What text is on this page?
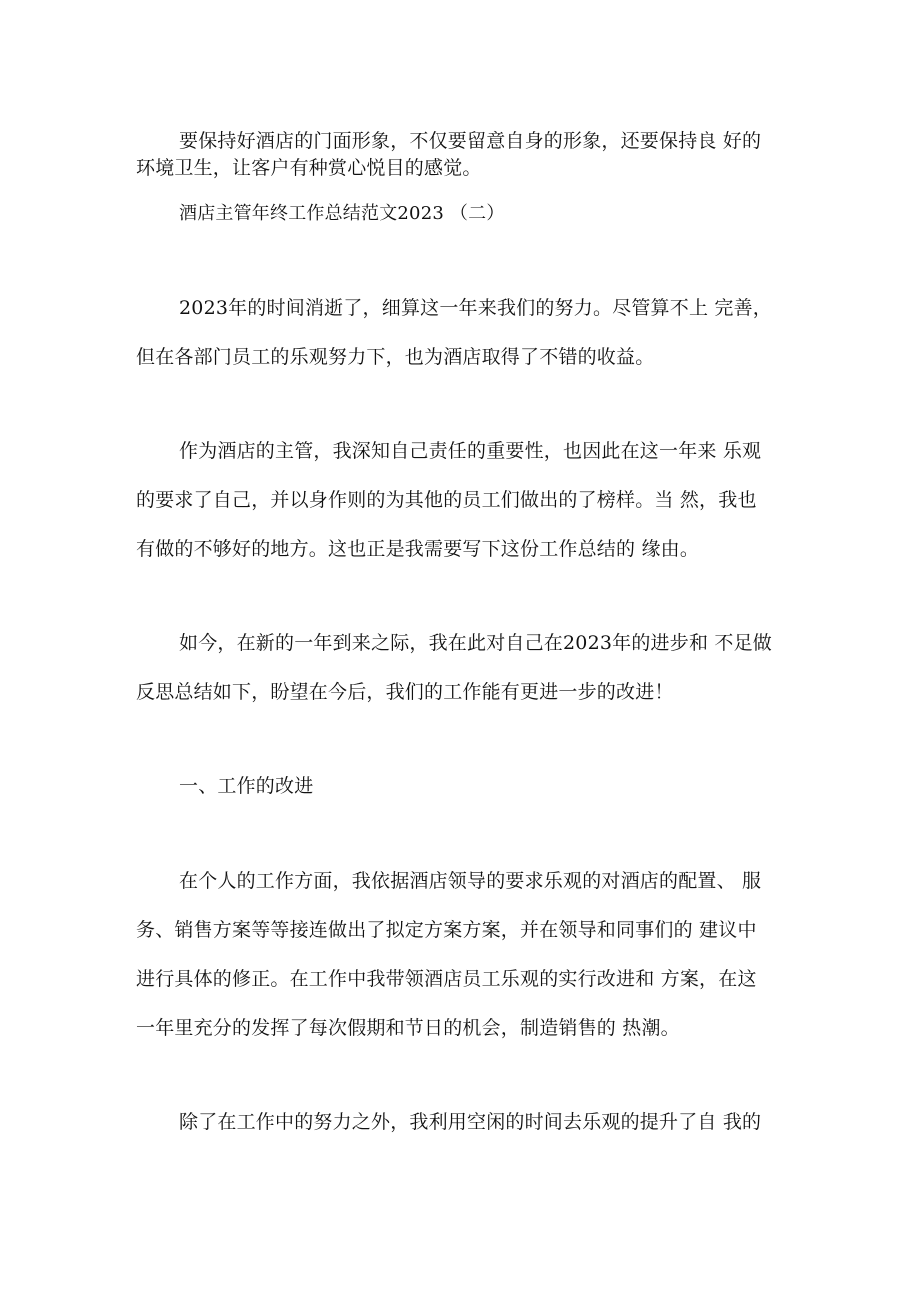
要保持好酒店的门面形象，不仅要留意自身的形象，还要保持良 好的
环境卫生，让客户有种赏心悦目的感觉。
酒店主管年终工作总结范文2023 （二）
2023年的时间消逝了，细算这一年来我们的努力。尽管算不上 完善，
但在各部门员工的乐观努力下，也为酒店取得了不错的收益。
作为酒店的主管，我深知自己责任的重要性，也因此在这一年来 乐观
的要求了自己，并以身作则的为其他的员工们做出的了榜样。当 然，我也
有做的不够好的地方。这也正是我需要写下这份工作总结的 缘由。
如今，在新的一年到来之际，我在此对自己在2023年的进步和 不足做
反思总结如下，盼望在今后，我们的工作能有更进一步的改进！
一、工作的改进
在个人的工作方面，我依据酒店领导的要求乐观的对酒店的配置、 服
务、销售方案等等接连做出了拟定方案方案，并在领导和同事们的 建议中
进行具体的修正。在工作中我带领酒店员工乐观的实行改进和 方案，在这
一年里充分的发挥了每次假期和节日的机会，制造销售的 热潮。
除了在工作中的努力之外，我利用空闲的时间去乐观的提升了自 我的
